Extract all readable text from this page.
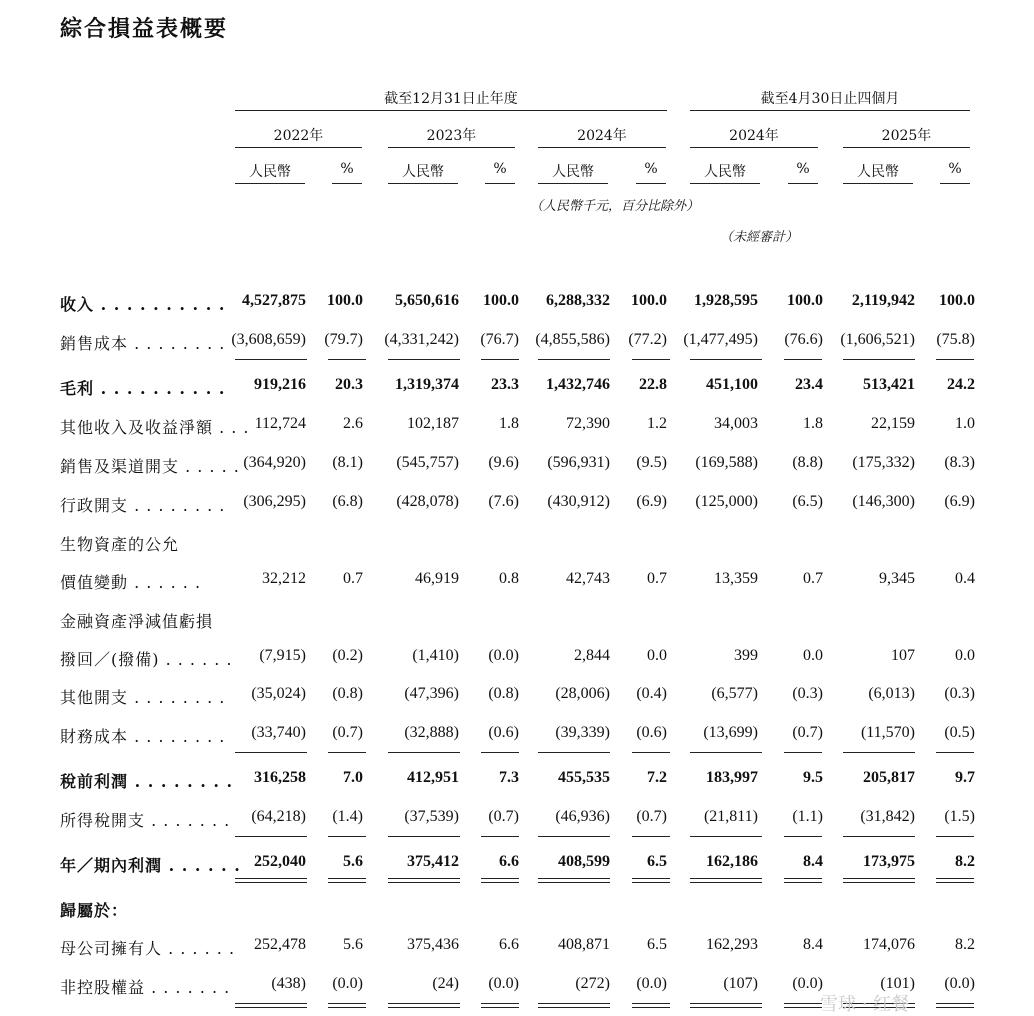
綜合損益表概要
截至12月31日止年度	截至4月30日止四個月
2022年
人民幣	%
2023年
人民幣	%
2024年
人民幣	%
2024年
人民幣	%
2025年
人民幣	%
（人民幣千元，百分比除外）
（未經審計）
收入 . . . . . . . . . .	4,527,875	100.0	5,650,616	100.0	6,288,332	100.0	1,928,595	100.0	2,119,942	100.0
銷售成本 . . . . . . . . (3,608,659)	(79.7)	(4,331,242)	(76.7)	(4,855,586)	(77.2)	(1,477,495)	(76.6)	(1,606,521)	(75.8)
毛利 . . . . . . . . . .	919,216	20.3	1,319,374	23.3	1,432,746	22.8	451,100	23.4	513,421	24.2
其他收入及收益淨額 . . . 112,724	2.6	102,187	1.8	72,390	1.2	34,003	1.8	22,159	1.0
銷售及渠道開支 . . . . . (364,920)	(8.1)	(545,757)	(9.6)	(596,931)	(9.5)	(169,588)	(8.8)	(175,332)	(8.3)
行政開支 . . . . . . . .	(306,295)	(6.8)	(428,078)	(7.6)	(430,912)	(6.9)	(125,000)	(6.5)	(146,300)	(6.9)
生物資產的公允
價值變動 . . . . . .	32,212	0.7	46,919	0.8	42,743	0.7	13,359	0.7	9,345	0.4
金融資產淨減值虧損
撥回／(撥備) . . . . . .	(7,915)	(0.2)	(1,410)	(0.0)	2,844	0.0	399	0.0	107	0.0
其他開支 . . . . . . . .	(35,024)	(0.8)	(47,396)	(0.8)	(28,006)	(0.4)	(6,577)	(0.3)	(6,013)	(0.3)
財務成本 . . . . . . . .	(33,740)	(0.7)	(32,888)	(0.6)	(39,339)	(0.6)	(13,699)	(0.7)	(11,570)	(0.5)
稅前利潤 . . . . . . . .	316,258	7.0	412,951	7.3	455,535	7.2	183,997	9.5	205,817	9.7
所得稅開支 . . . . . . .	(64,218)	(1.4)	(37,539)	(0.7)	(46,936)	(0.7)	(21,811)	(1.1)	(31,842)	(1.5)
年／期內利潤 . . . . . . 252,040	5.6	375,412	6.6	408,599	6.5	162,186	8.4	173,975	8.2
歸屬於：
母公司擁有人 . . . . . .	252,478	5.6	375,436	6.6	408,871	6.5	162,293	8.4	174,076	8.2
非控股權益 . . . . . . .	(438)	(0.0)	(24)	(0.0)	(272)	(0.0)	(107)	(0.0)	(101)	(0.0)
雪球 · 红餐
